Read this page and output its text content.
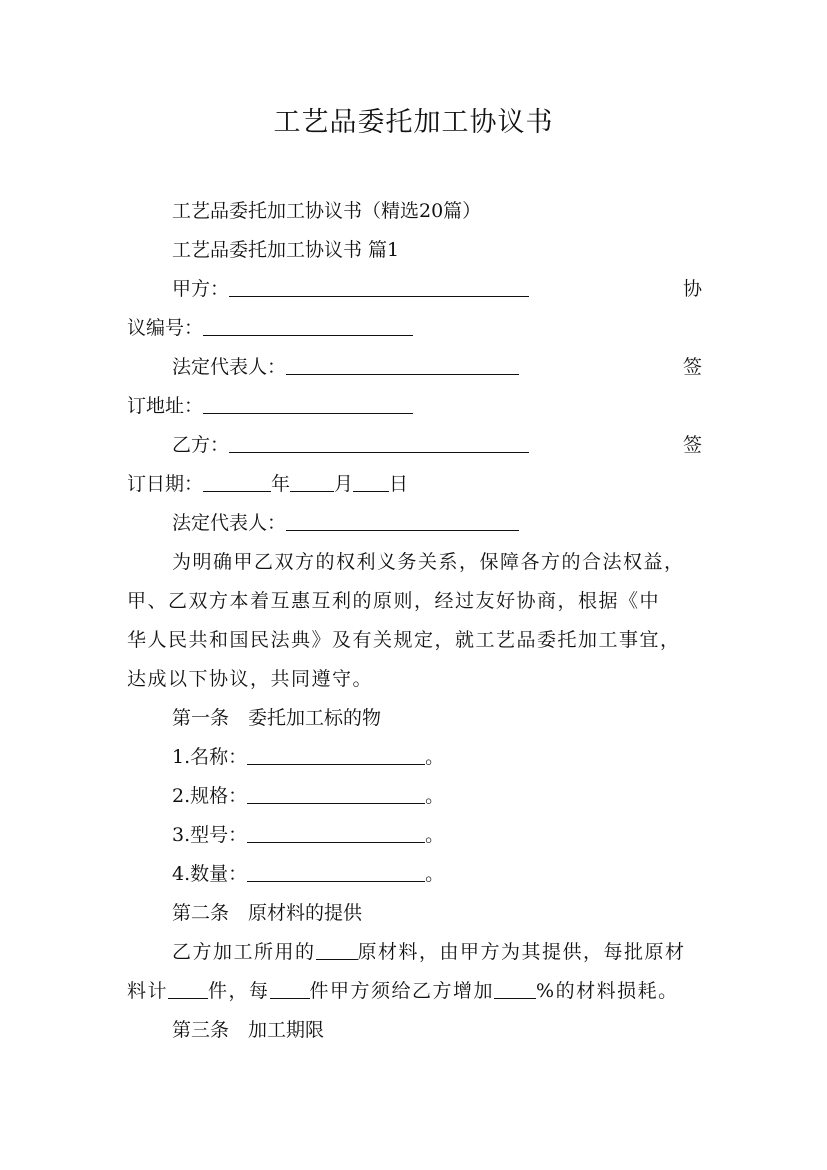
工艺品委托加工协议书
工艺品委托加工协议书（精选20篇）
工艺品委托加工协议书 篇1
甲方：	协
议编号：
法定代表人：	签
订地址：
乙方：	签
订日期：	年 月 日
法定代表人：
为明确甲乙双方的权利义务关系，保障各方的合法权益，
甲、乙双方本着互惠互利的原则，经过友好协商，根据《中
华人民共和国民法典》及有关规定，就工艺品委托加工事宜，
达成以下协议，共同遵守。
第一条　委托加工标的物
1.名称：	。
2.规格：	。
3.型号：	。
4.数量：	。
第二条　原材料的提供
乙方加工所用的 原材料，由甲方为其提供，每批原材
料计 件，每 件甲方须给乙方增加 %的材料损耗。
第三条　加工期限
